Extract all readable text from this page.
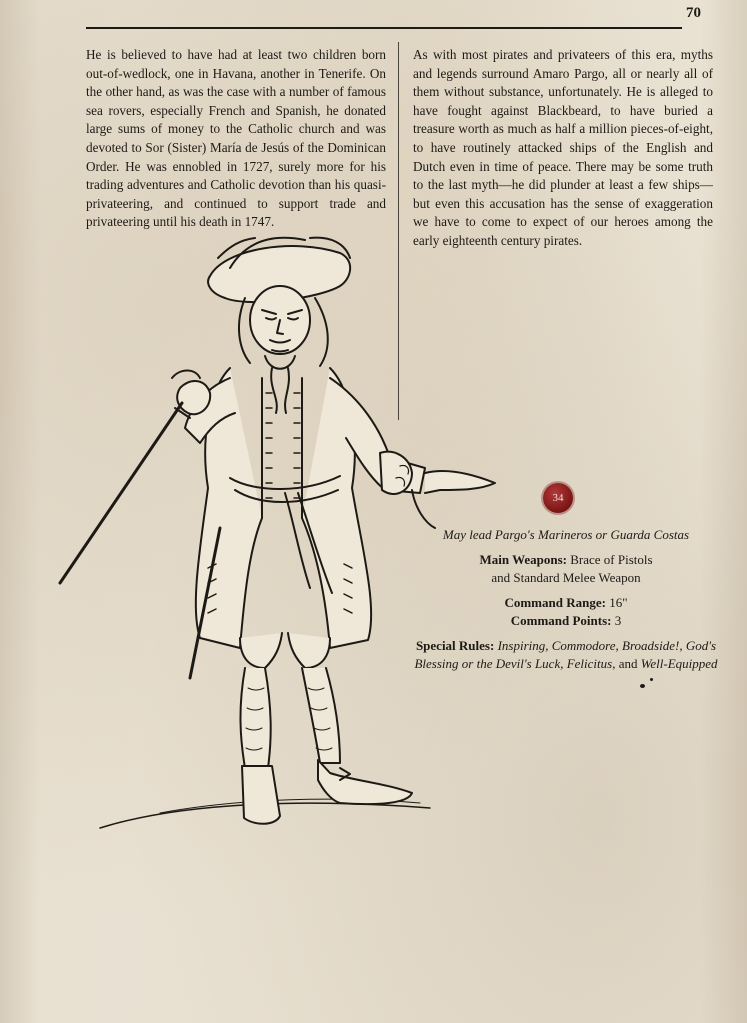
70
He is believed to have had at least two children born out-of-wedlock, one in Havana, another in Tenerife. On the other hand, as was the case with a number of famous sea rovers, especially French and Spanish, he donated large sums of money to the Catholic church and was devoted to Sor (Sister) María de Jesús of the Dominican Order. He was ennobled in 1727, surely more for his trading adventures and Catholic devotion than his quasi-privateering, and continued to support trade and privateering until his death in 1747.
As with most pirates and privateers of this era, myths and legends surround Amaro Pargo, all or nearly all of them without substance, unfortunately. He is alleged to have fought against Blackbeard, to have buried a treasure worth as much as half a million pieces-of-eight, to have routinely attacked ships of the English and Dutch even in time of peace. There may be some truth to the last myth—he did plunder at least a few ships—but even this accusation has the sense of exaggeration we have to come to expect of our heroes among the early eighteenth century pirates.
34
May lead Pargo's Marineros or Guarda Costas
Main Weapons: Brace of Pistols
and Standard Melee Weapon
Command Range: 16"
Command Points: 3
Special Rules: Inspiring, Commodore, Broadside!, God's
Blessing or the Devil's Luck, Felicitus, and Well-Equipped
